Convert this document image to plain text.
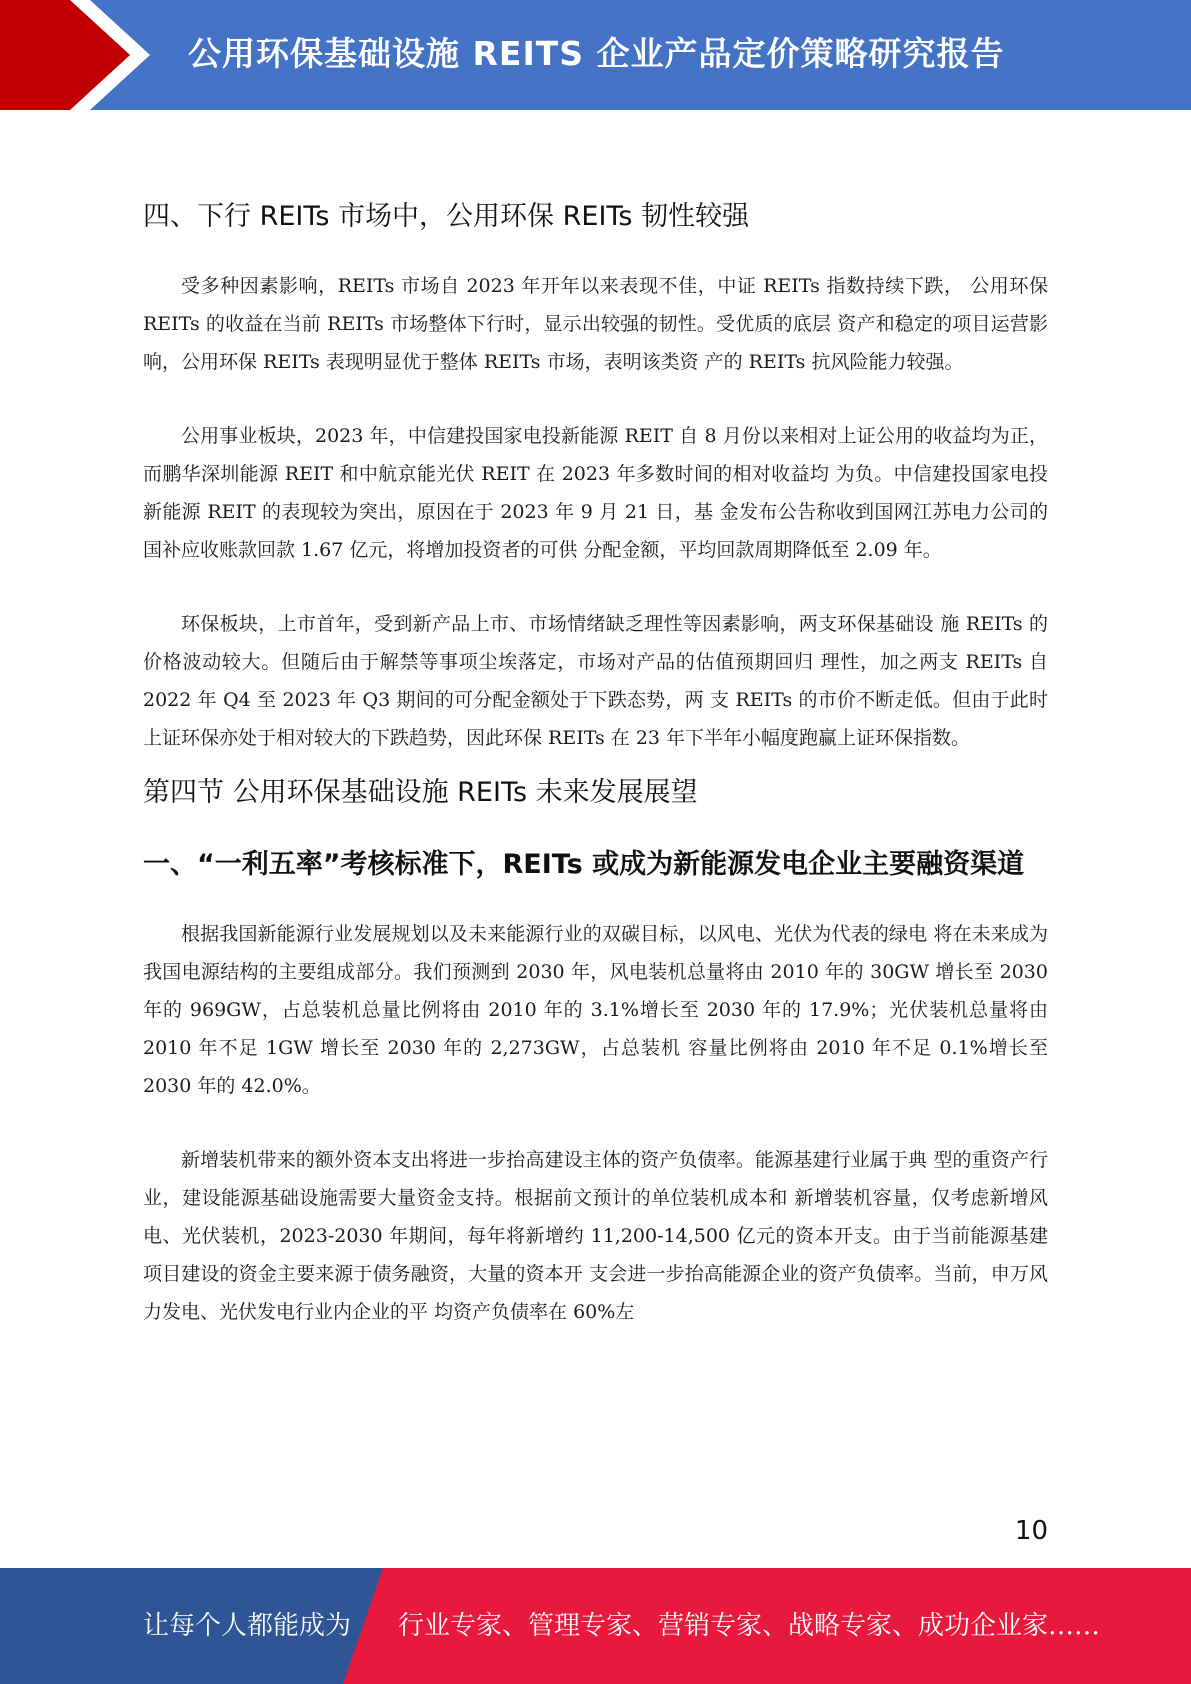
公用环保基础设施 REITS 企业产品定价策略研究报告
四、下行 REITs 市场中，公用环保 REITs 韧性较强

受多种因素影响，REITs 市场自 2023 年开年以来表现不佳，中证 REITs 指数持续下跌， 公用环保 REITs 的收益在当前 REITs 市场整体下行时，显示出较强的韧性。受优质的底层 资产和稳定的项目运营影响，公用环保 REITs 表现明显优于整体 REITs 市场，表明该类资 产的 REITs 抗风险能力较强。

公用事业板块，2023 年，中信建投国家电投新能源 REIT 自 8 月份以来相对上证公用的收益均为正，而鹏华深圳能源 REIT 和中航京能光伏 REIT 在 2023 年多数时间的相对收益均 为负。中信建投国家电投新能源 REIT 的表现较为突出，原因在于 2023 年 9 月 21 日，基 金发布公告称收到国网江苏电力公司的国补应收账款回款 1.67 亿元，将增加投资者的可供 分配金额，平均回款周期降低至 2.09 年。

环保板块，上市首年，受到新产品上市、市场情绪缺乏理性等因素影响，两支环保基础设 施 REITs 的价格波动较大。但随后由于解禁等事项尘埃落定，市场对产品的估值预期回归 理性，加之两支 REITs 自 2022 年 Q4 至 2023 年 Q3 期间的可分配金额处于下跌态势，两 支 REITs 的市价不断走低。但由于此时上证环保亦处于相对较大的下跌趋势，因此环保 REITs 在 23 年下半年小幅度跑赢上证环保指数。

第四节 公用环保基础设施 REITs 未来发展展望
一、“一利五率”考核标准下，REITs 或成为新能源发电企业主要融资渠道

根据我国新能源行业发展规划以及未来能源行业的双碳目标，以风电、光伏为代表的绿电 将在未来成为我国电源结构的主要组成部分。我们预测到 2030 年，风电装机总量将由 2010 年的 30GW 增长至 2030 年的 969GW，占总装机总量比例将由 2010 年的 3.1%增长至 2030 年的 17.9%；光伏装机总量将由 2010 年不足 1GW 增长至 2030 年的 2,273GW，占总装机 容量比例将由 2010 年不足 0.1%增长至 2030 年的 42.0%。

新增装机带来的额外资本支出将进一步抬高建设主体的资产负债率。能源基建行业属于典 型的重资产行业，建设能源基础设施需要大量资金支持。根据前文预计的单位装机成本和 新增装机容量，仅考虑新增风电、光伏装机，2023-2030 年期间，每年将新增约 11,200-14,500 亿元的资本开支。由于当前能源基建项目建设的资金主要来源于债务融资，大量的资本开 支会进一步抬高能源企业的资产负债率。当前，申万风力发电、光伏发电行业内企业的平 均资产负债率在 60%左

10
让每个人都能成为 行业专家、管理专家、营销专家、战略专家、成功企业家……
